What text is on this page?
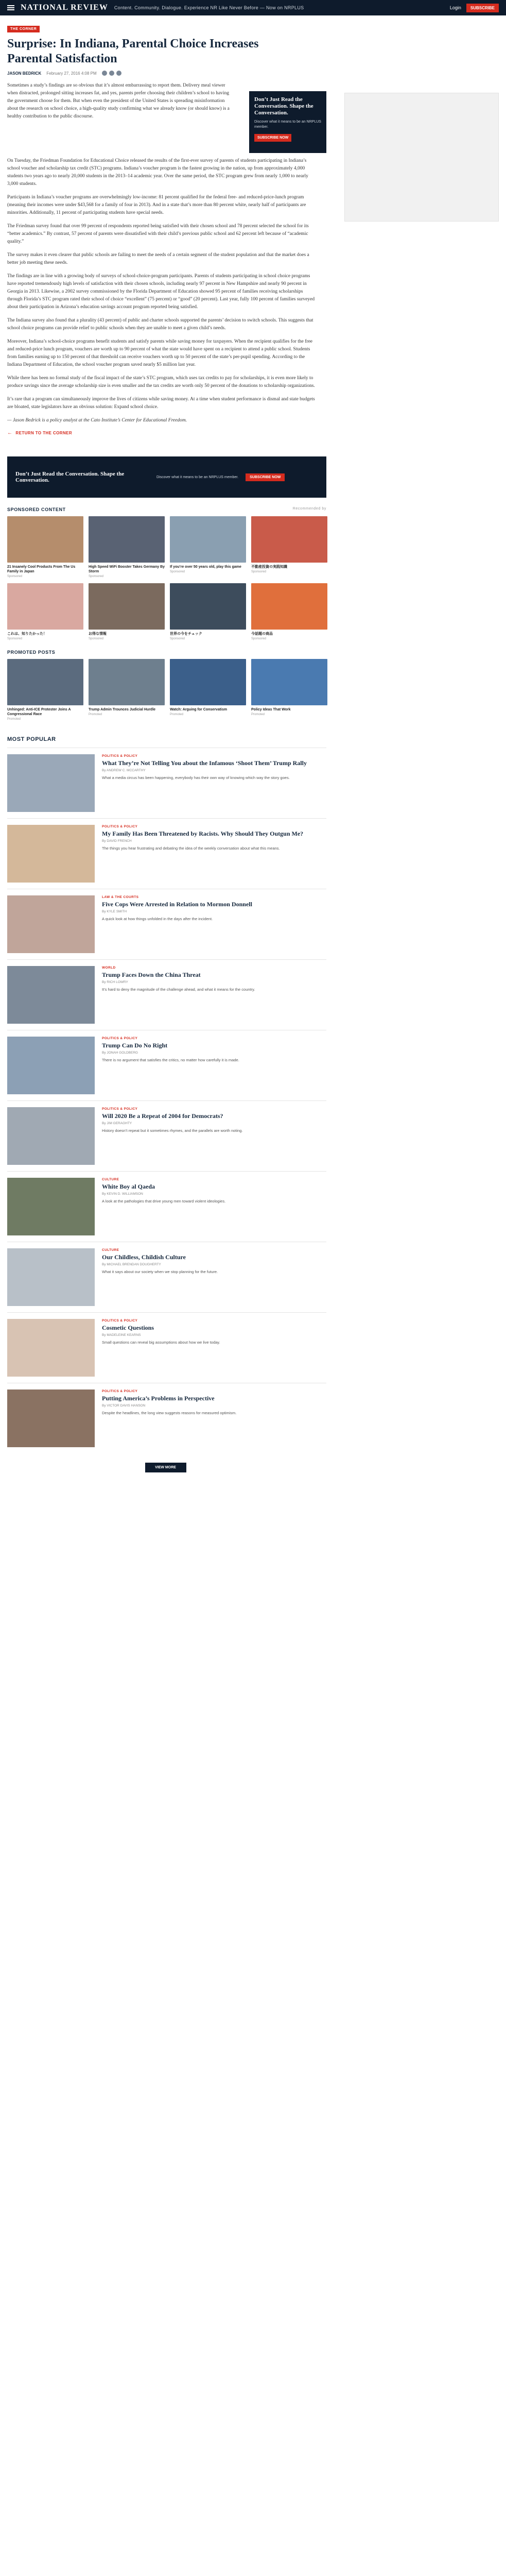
NATIONAL REVIEW Content. Community. Dialogue. Experience NR Like Never Before — Now on NRPLUS	Login	SUBSCRIBE
THE CORNER
Surprise: In Indiana, Parental Choice Increases Parental Satisfaction
JASON BEDRICK February 27, 2016 4:08 PM
Don’t Just Read the Conversation. Shape the Conversation.
Discover what it means to be an NRPLUS member.
SUBSCRIBE NOW

Sometimes a study’s findings are so obvious that it’s almost embarrassing to report them. Delivery meal viewer when distracted, prolonged sitting increases fat, and yes, parents prefer choosing their children’s school to having the government choose for them. But when even the president of the United States is spreading misinformation about the research on school choice, a high-quality study confirming what we already know (or should know) is a healthy contribution to the public discourse.

On Tuesday, the Friedman Foundation for Educational Choice released the results of the first-ever survey of parents of students participating in Indiana’s school voucher and scholarship tax credit (STC) programs. Indiana’s voucher program is the fastest growing in the nation, up from approximately 4,000 students two years ago to nearly 20,000 students in the 2013–14 academic year. Over the same period, the STC program grew from nearly 1,000 to nearly 3,000 students.

Participants in Indiana’s voucher programs are overwhelmingly low-income: 81 percent qualified for the federal free- and reduced-price-lunch program (meaning their incomes were under $43,568 for a family of four in 2013). And in a state that’s more than 80 percent white, nearly half of participants are minorities. Additionally, 11 percent of participating students have special needs.

The Friedman survey found that over 99 percent of respondents reported being satisfied with their chosen school and 78 percent selected the school for its “better academics.” By contrast, 57 percent of parents were dissatisfied with their child’s previous public school and 62 percent left because of “academic quality.”

The survey makes it even clearer that public schools are failing to meet the needs of a certain segment of the student population and that the market does a better job meeting these needs.

The findings are in line with a growing body of surveys of school-choice-program participants. Parents of students participating in school choice programs have reported tremendously high levels of satisfaction with their chosen schools, including nearly 97 percent in New Hampshire and nearly 90 percent in Georgia in 2013. Likewise, a 2002 survey commissioned by the Florida Department of Education showed 95 percent of families receiving scholarships through Florida’s STC program rated their school of choice “excellent” (75 percent) or “good” (20 percent). Last year, fully 100 percent of families surveyed about their participation in Arizona’s education savings account program reported being satisfied.

The Indiana survey also found that a plurality (43 percent) of public and charter schools supported the parents’ decision to switch schools. This suggests that school choice programs can provide relief to public schools when they are unable to meet a given child’s needs.

Moreover, Indiana’s school-choice programs benefit students and satisfy parents while saving money for taxpayers. When the recipient qualifies for the free and reduced-price lunch program, vouchers are worth up to 90 percent of what the state would have spent on a recipient to attend a public school. Students from families earning up to 150 percent of that threshold can receive vouchers worth up to 50 percent of the state’s per-pupil spending. According to the Indiana Department of Education, the school voucher program saved nearly $5 million last year.

While there has been no formal study of the fiscal impact of the state’s STC program, which uses tax credits to pay for scholarships, it is even more likely to produce savings since the average scholarship size is even smaller and the tax credits are worth only 50 percent of the donations to scholarship organizations.

It’s rare that a program can simultaneously improve the lives of citizens while saving money. At a time when student performance is dismal and state budgets are bloated, state legislators have an obvious solution: Expand school choice.

— Jason Bedrick is a policy analyst at the Cato Institute’s Center for Educational Freedom.

← RETURN TO THE CORNER
Don’t Just Read the Conversation. Shape the Conversation.	Discover what it means to be an NRPLUS member.	SUBSCRIBE NOW
SPONSORED CONTENT	Recommended by
21 Insanely Cool Products From The Us Family in Japan
Sponsored
High Speed WiFi Booster Takes Germany By Storm
Sponsored
If you’re over 50 years old, play this game
Sponsored
不動産投資の実践知識
Sponsored
これは、知りたかった！
Sponsored
お得な情報
Sponsored
世界の今をチェック
Sponsored
今話題の商品
Sponsored
PROMOTED POSTS
Unhinged: Anti-ICE Protester Joins A Congressional Race
Promoted
Trump Admin Trounces Judicial Hurdle
Promoted
Watch: Arguing for Conservatism
Promoted
Policy Ideas That Work
Promoted
MOST POPULAR
POLITICS & POLICY
What They’re Not Telling You about the Infamous ‘Shoot Them’ Trump Rally
By ANDREW C. MCCARTHY
What a media circus has been happening, everybody has their own way of knowing which way the story goes.
POLITICS & POLICY
My Family Has Been Threatened by Racists. Why Should They Outgun Me?
By DAVID FRENCH
The things you hear frustrating and debating the idea of the weekly conversation about what this means.
LAW & THE COURTS
Five Cops Were Arrested in Relation to Mormon Donnell
By KYLE SMITH
A quick look at how things unfolded in the days after the incident.
WORLD
Trump Faces Down the China Threat
By RICH LOWRY
It’s hard to deny the magnitude of the challenge ahead, and what it means for the country.
POLITICS & POLICY
Trump Can Do No Right
By JONAH GOLDBERG
There is no argument that satisfies the critics, no matter how carefully it is made.
POLITICS & POLICY
Will 2020 Be a Repeat of 2004 for Democrats?
By JIM GERAGHTY
History doesn’t repeat but it sometimes rhymes, and the parallels are worth noting.
CULTURE
White Boy al Qaeda
By KEVIN D. WILLIAMSON
A look at the pathologies that drive young men toward violent ideologies.
CULTURE
Our Childless, Childish Culture
By MICHAEL BRENDAN DOUGHERTY
What it says about our society when we stop planning for the future.
POLITICS & POLICY
Cosmetic Questions
By MADELEINE KEARNS
Small questions can reveal big assumptions about how we live today.
POLITICS & POLICY
Putting America’s Problems in Perspective
By VICTOR DAVIS HANSON
Despite the headlines, the long view suggests reasons for measured optimism.
VIEW MORE
